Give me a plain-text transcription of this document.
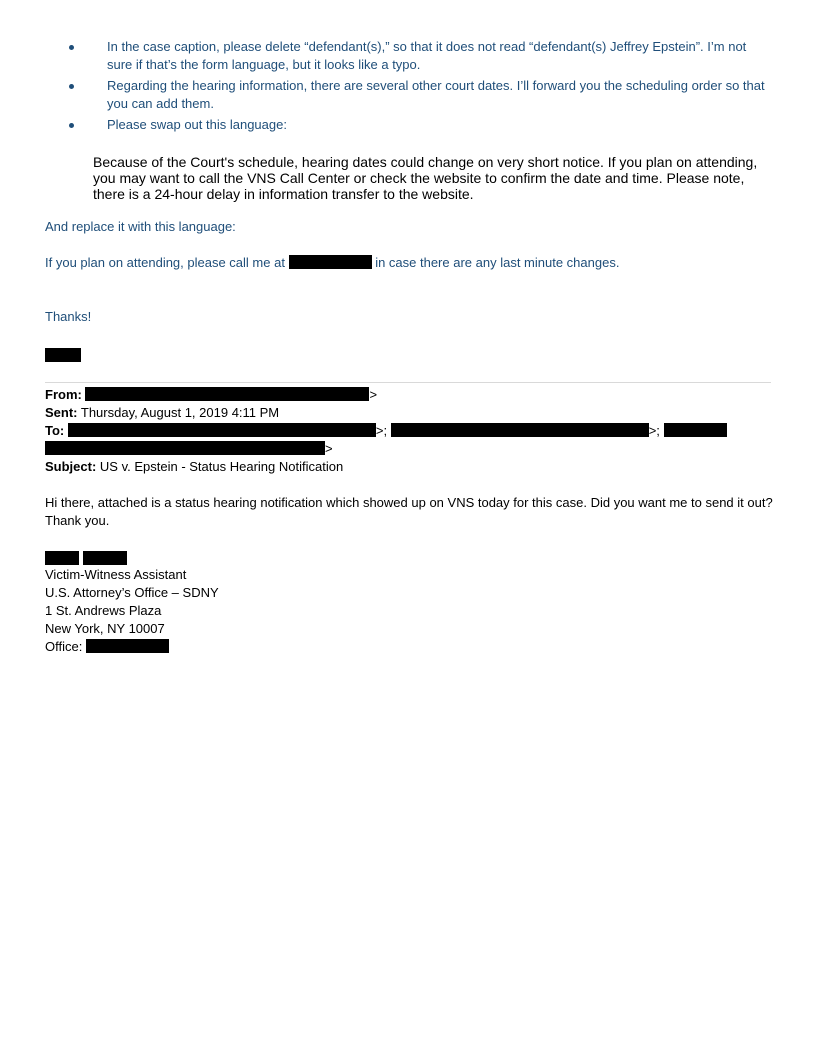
In the case caption, please delete “defendant(s),” so that it does not read “defendant(s) Jeffrey Epstein”. I’m not sure if that’s the form language, but it looks like a typo.
Regarding the hearing information, there are several other court dates. I’ll forward you the scheduling order so that you can add them.
Please swap out this language:
Because of the Court's schedule, hearing dates could change on very short notice. If you plan on attending, you may want to call the VNS Call Center or check the website to confirm the date and time. Please note, there is a 24-hour delay in information transfer to the website.
And replace it with this language:
If you plan on attending, please call me at	in case there are any last minute changes.
Thanks!
From:	>
Sent: Thursday, August 1, 2019 4:11 PM
To:	>;	>;
>
Subject: US v. Epstein - Status Hearing Notification
Hi there, attached is a status hearing notification which showed up on VNS today for this case. Did you want me to send it out? Thank you.

Victim-Witness Assistant
U.S. Attorney’s Office – SDNY
1 St. Andrews Plaza
New York, NY 10007
Office:
